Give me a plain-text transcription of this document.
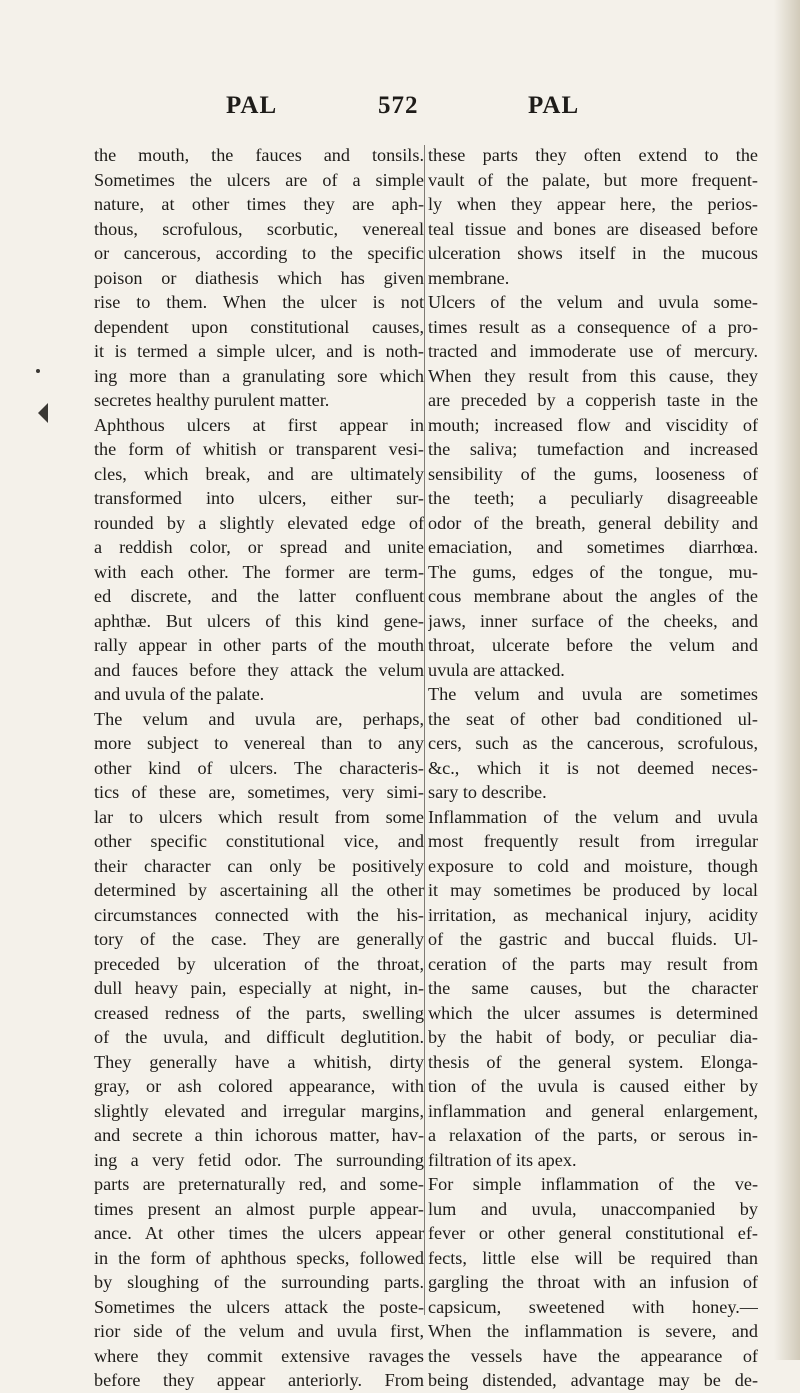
PAL	572	PAL
the mouth, the fauces and tonsils.
Sometimes the ulcers are of a simple
nature, at other times they are aph-
thous, scrofulous, scorbutic, venereal
or cancerous, according to the specific
poison or diathesis which has given
rise to them. When the ulcer is not
dependent upon constitutional causes,
it is termed a simple ulcer, and is noth-
ing more than a granulating sore which
secretes healthy purulent matter.
Aphthous ulcers at first appear in
the form of whitish or transparent vesi-
cles, which break, and are ultimately
transformed into ulcers, either sur-
rounded by a slightly elevated edge of
a reddish color, or spread and unite
with each other. The former are term-
ed discrete, and the latter confluent
aphthæ. But ulcers of this kind gene-
rally appear in other parts of the mouth
and fauces before they attack the velum
and uvula of the palate.
The velum and uvula are, perhaps,
more subject to venereal than to any
other kind of ulcers. The characteris-
tics of these are, sometimes, very simi-
lar to ulcers which result from some
other specific constitutional vice, and
their character can only be positively
determined by ascertaining all the other
circumstances connected with the his-
tory of the case. They are generally
preceded by ulceration of the throat,
dull heavy pain, especially at night, in-
creased redness of the parts, swelling
of the uvula, and difficult deglutition.
They generally have a whitish, dirty
gray, or ash colored appearance, with
slightly elevated and irregular margins,
and secrete a thin ichorous matter, hav-
ing a very fetid odor. The surrounding
parts are preternaturally red, and some-
times present an almost purple appear-
ance. At other times the ulcers appear
in the form of aphthous specks, followed
by sloughing of the surrounding parts.
Sometimes the ulcers attack the poste-
rior side of the velum and uvula first,
where they commit extensive ravages
before they appear anteriorly. From
these parts they often extend to the
vault of the palate, but more frequent-
ly when they appear here, the perios-
teal tissue and bones are diseased before
ulceration shows itself in the mucous
membrane.
Ulcers of the velum and uvula some-
times result as a consequence of a pro-
tracted and immoderate use of mercury.
When they result from this cause, they
are preceded by a copperish taste in the
mouth; increased flow and viscidity of
the saliva; tumefaction and increased
sensibility of the gums, looseness of
the teeth; a peculiarly disagreeable
odor of the breath, general debility and
emaciation, and sometimes diarrhœa.
The gums, edges of the tongue, mu-
cous membrane about the angles of the
jaws, inner surface of the cheeks, and
throat, ulcerate before the velum and
uvula are attacked.
The velum and uvula are sometimes
the seat of other bad conditioned ul-
cers, such as the cancerous, scrofulous,
&c., which it is not deemed neces-
sary to describe.
Inflammation of the velum and uvula
most frequently result from irregular
exposure to cold and moisture, though
it may sometimes be produced by local
irritation, as mechanical injury, acidity
of the gastric and buccal fluids. Ul-
ceration of the parts may result from
the same causes, but the character
which the ulcer assumes is determined
by the habit of body, or peculiar dia-
thesis of the general system. Elonga-
tion of the uvula is caused either by
inflammation and general enlargement,
a relaxation of the parts, or serous in-
filtration of its apex.
For simple inflammation of the ve-
lum and uvula, unaccompanied by
fever or other general constitutional ef-
fects, little else will be required than
gargling the throat with an infusion of
capsicum, sweetened with honey.—
When the inflammation is severe, and
the vessels have the appearance of
being distended, advantage may be de-
